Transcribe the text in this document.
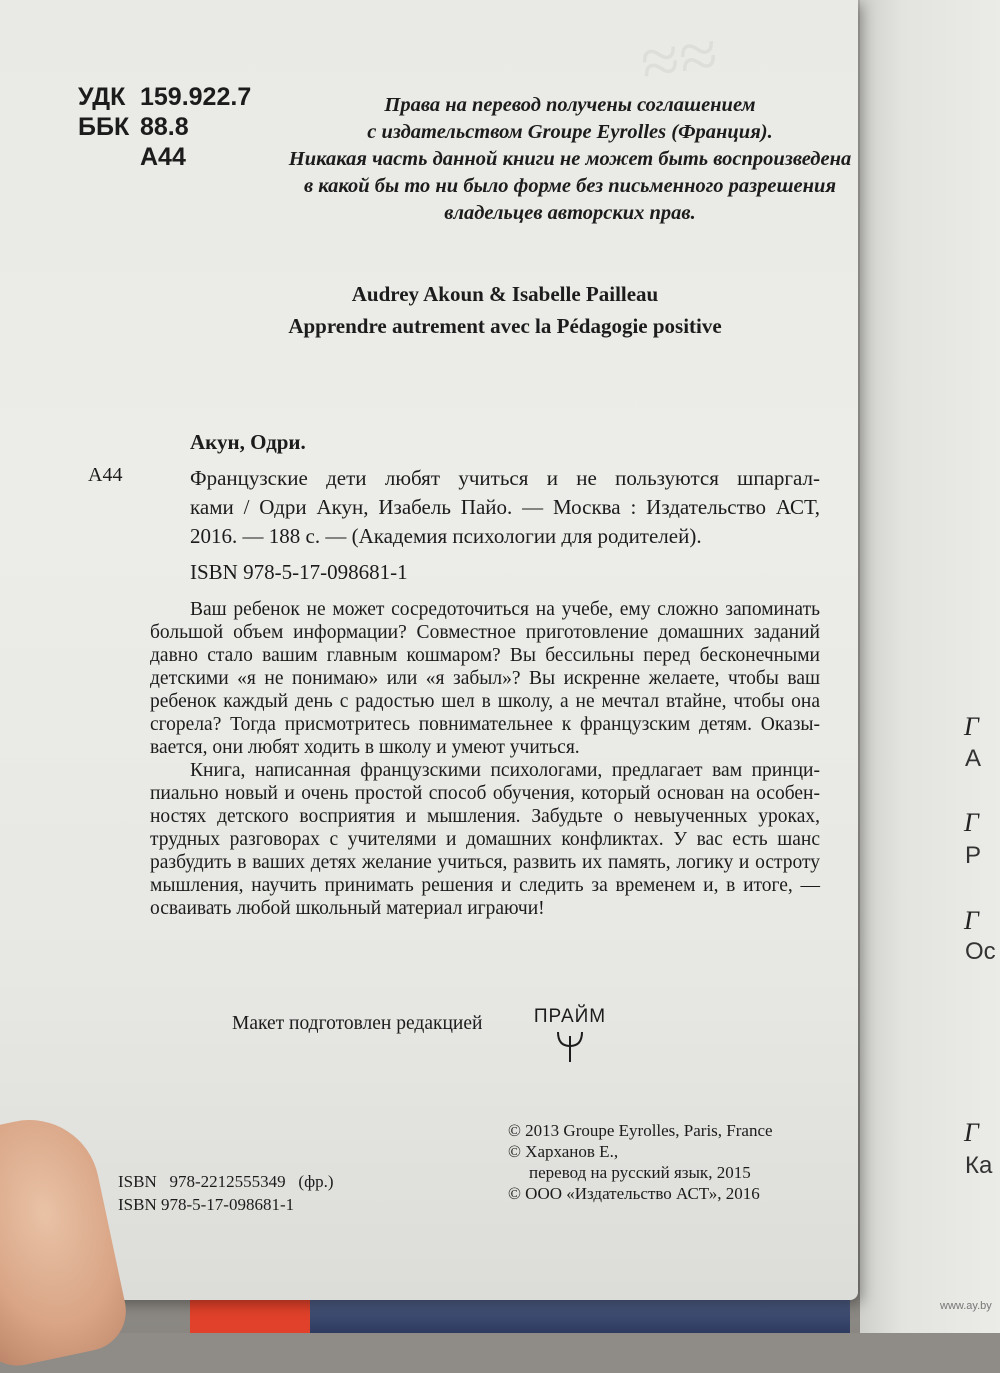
Г
А
Г
Р
Г
Ос
Г
Ка
www.ay.by
≈≈
УДК 159.922.7
ББК 88.8
А44
Права на перевод получены соглашением
с издательством Groupe Eyrolles (Франция).
Никакая часть данной книги не может быть воспроизведена
в какой бы то ни было форме без письменного разрешения
владельцев авторских прав.
Audrey Akoun & Isabelle Pailleau
Apprendre autrement avec la Pédagogie positive
Акун, Одри.
А44	Французские дети любят учиться и не пользуются шпаргал-
ками / Одри Акун, Изабель Пайо. — Москва : Издательство АСТ,
2016. — 188 с. — (Академия психологии для родителей).
ISBN 978-5-17-098681-1
Ваш ребенок не может сосредоточиться на учебе, ему сложно запоминать
большой объем информации? Совместное приготовление домашних заданий
давно стало вашим главным кошмаром? Вы бессильны перед бесконечными
детскими «я не понимаю» или «я забыл»? Вы искренне желаете, чтобы ваш
ребенок каждый день с радостью шел в школу, а не мечтал втайне, чтобы она
сгорела? Тогда присмотритесь повнимательнее к французским детям. Оказы-
вается, они любят ходить в школу и умеют учиться.
Книга, написанная французскими психологами, предлагает вам принци-
пиально новый и очень простой способ обучения, который основан на особен-
ностях детского восприятия и мышления. Забудьте о невыученных уроках,
трудных разговорах с учителями и домашних конфликтах. У вас есть шанс
разбудить в ваших детях желание учиться, развить их память, логику и остроту
мышления, научить принимать решения и следить за временем и, в итоге, —
осваивать любой школьный материал играючи!
Макет подготовлен редакцией	ПРАЙМ
© 2013 Groupe Eyrolles, Paris, France
© Харханов Е.,
перевод на русский язык, 2015
© ООО «Издательство АСТ», 2016
ISBN 978-2212555349 (фр.)
ISBN 978-5-17-098681-1
